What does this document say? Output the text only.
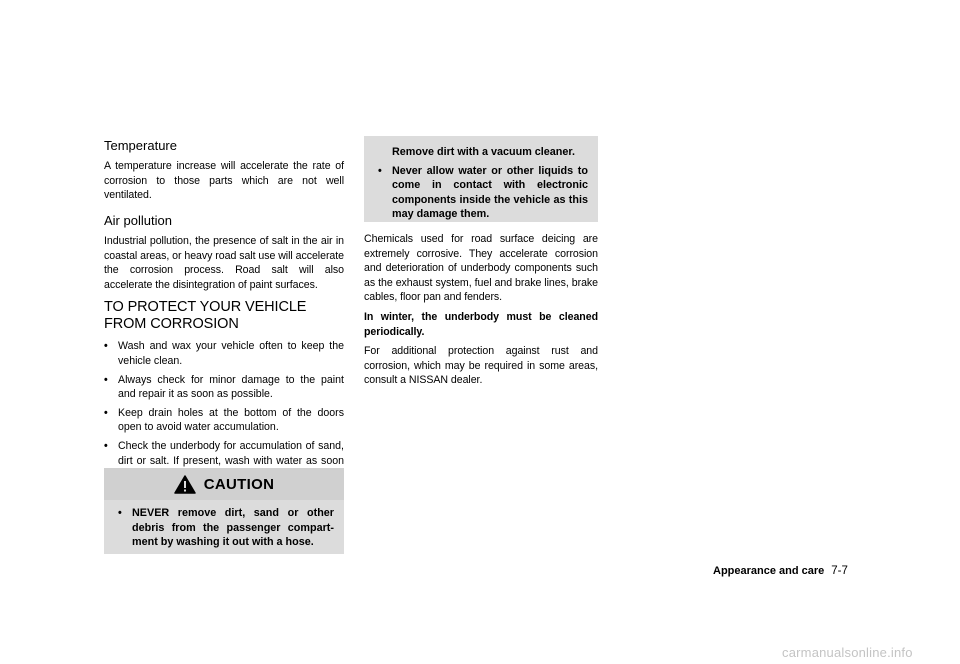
Temperature

A temperature increase will accelerate the rate of corrosion to those parts which are not well ventilated.

Air pollution

Industrial pollution, the presence of salt in the air in coastal areas, or heavy road salt use will accelerate the corrosion process. Road salt will also accelerate the disintegration of paint surfaces.

TO PROTECT YOUR VEHICLE FROM CORROSION
• Wash and wax your vehicle often to keep the vehicle clean.
• Always check for minor damage to the paint and repair it as soon as possible.
• Keep drain holes at the bottom of the doors open to avoid water accumulation.
• Check the underbody for accumulation of sand, dirt or salt. If present, wash with water as soon
CAUTION
• NEVER remove dirt, sand or other debris from the passenger compart-ment by washing it out with a hose.
Remove dirt with a vacuum cleaner.
• Never allow water or other liquids to come in contact with electronic components inside the vehicle as this may damage them.

Chemicals used for road surface deicing are extremely corrosive. They accelerate corrosion and deterioration of underbody components such as the exhaust system, fuel and brake lines, brake cables, floor pan and fenders.

In winter, the underbody must be cleaned periodically.

For additional protection against rust and corrosion, which may be required in some areas, consult a NISSAN dealer.

Appearance and care 7-7
carmanualsonline.info
